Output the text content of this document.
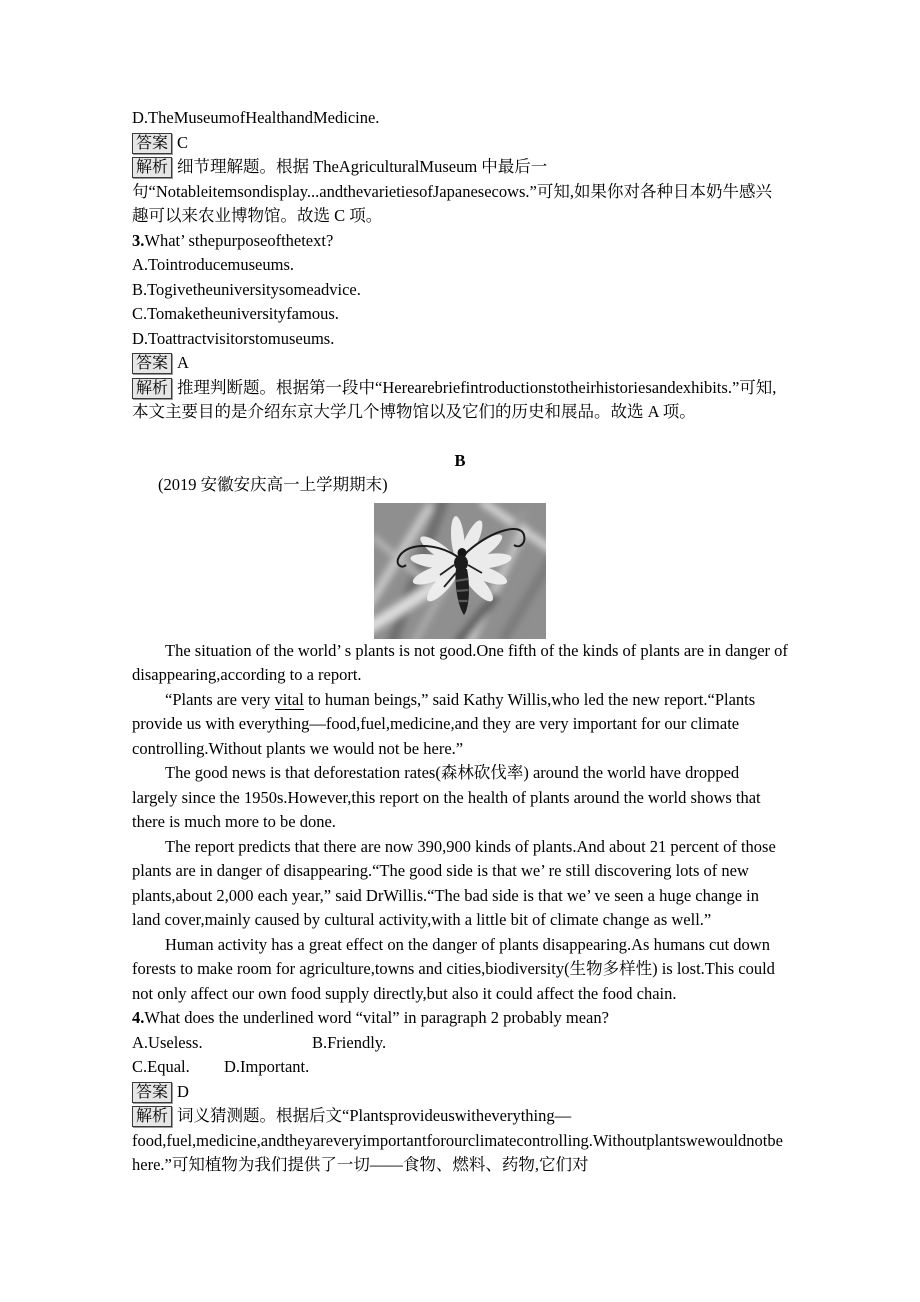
D.TheMuseumofHealthandMedicine.

答案 C

解析 细节理解题。根据 TheAgriculturalMuseum 中最后一句“Notableitemsondisplay...andthevarietiesofJapanesecows.”可知,如果你对各种日本奶牛感兴趣可以来农业博物馆。故选 C 项。

3.What’ sthepurposeofthetext?

A.Tointroducemuseums.

B.Togivetheuniversitysomeadvice.

C.Tomaketheuniversityfamous.

D.Toattractvisitorstomuseums.

答案 A

解析 推理判断题。根据第一段中“Herearebriefintroductionstotheirhistoriesandexhibits.”可知,本文主要目的是介绍东京大学几个博物馆以及它们的历史和展品。故选 A 项。

B

(2019 安徽安庆高一上学期期末)

The situation of the world’ s plants is not good.One fifth of the kinds of plants are in danger of disappearing,according to a report.

“Plants are very vital to human beings,” said Kathy Willis,who led the new report.“Plants provide us with everything—food,fuel,medicine,and they are very important for our climate controlling.Without plants we would not be here.”

The good news is that deforestation rates(森林砍伐率) around the world have dropped largely since the 1950s.However,this report on the health of plants around the world shows that there is much more to be done.

The report predicts that there are now 390,900 kinds of plants.And about 21 percent of those plants are in danger of disappearing.“The good side is that we’ re still discovering lots of new plants,about 2,000 each year,” said DrWillis.“The bad side is that we’ ve seen a huge change in land cover,mainly caused by cultural activity,with a little bit of climate change as well.”

Human activity has a great effect on the danger of plants disappearing.As humans cut down forests to make room for agriculture,towns and cities,biodiversity(生物多样性) is lost.This could not only affect our own food supply directly,but also it could affect the food chain.

4.What does the underlined word “vital” in paragraph 2 probably mean?

A.Useless.	B.Friendly.

C.Equal. D.Important.

答案 D

解析 词义猜测题。根据后文“Plantsprovideuswitheverything—food,fuel,medicine,andtheyareveryimportantforourclimatecontrolling.Withoutplantswewouldnotbehere.”可知植物为我们提供了一切——食物、燃料、药物,它们对
